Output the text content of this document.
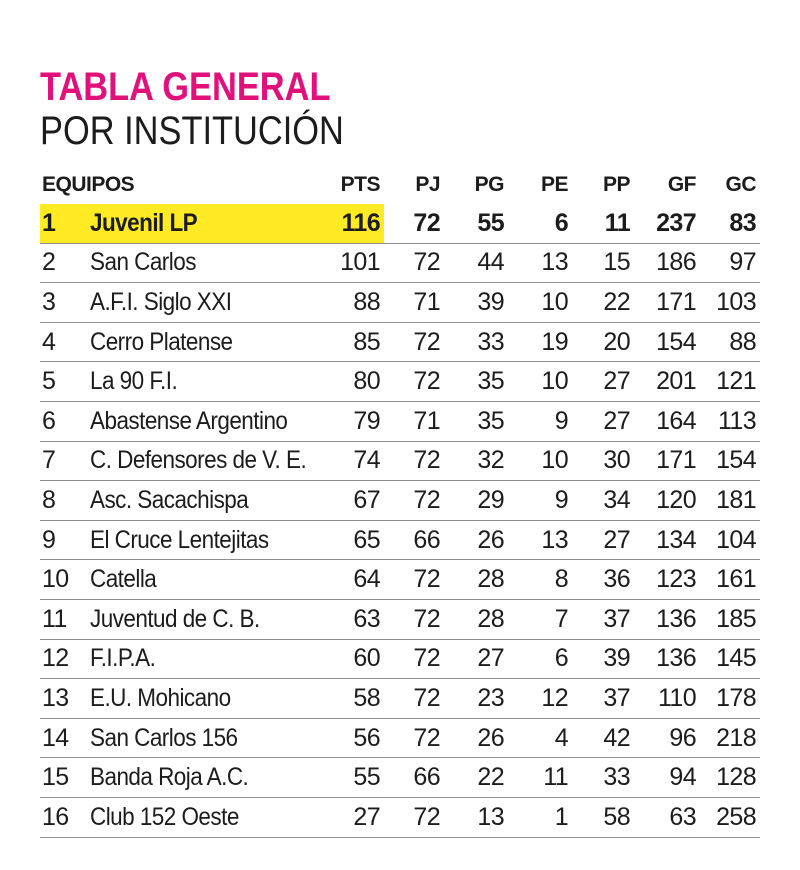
TABLA GENERAL
POR INSTITUCIÓN
EQUIPOS		PTS	PJ	PG	PE	PP	GF	GC
1	Juvenil LP	116	72	55	6	11	237	83
2	San Carlos	101	72	44	13	15	186	97
3	A.F.I. Siglo XXI	88	71	39	10	22	171	103
4	Cerro Platense	85	72	33	19	20	154	88
5	La 90 F.I.	80	72	35	10	27	201	121
6	Abastense Argentino	79	71	35	9	27	164	113
7	C. Defensores de V. E.	74	72	32	10	30	171	154
8	Asc. Sacachispa	67	72	29	9	34	120	181
9	El Cruce Lentejitas	65	66	26	13	27	134	104
10	Catella	64	72	28	8	36	123	161
11	Juventud de C. B.	63	72	28	7	37	136	185
12	F.I.P.A.	60	72	27	6	39	136	145
13	E.U. Mohicano	58	72	23	12	37	110	178
14	San Carlos 156	56	72	26	4	42	96	218
15	Banda Roja A.C.	55	66	22	11	33	94	128
16	Club 152 Oeste	27	72	13	1	58	63	258
